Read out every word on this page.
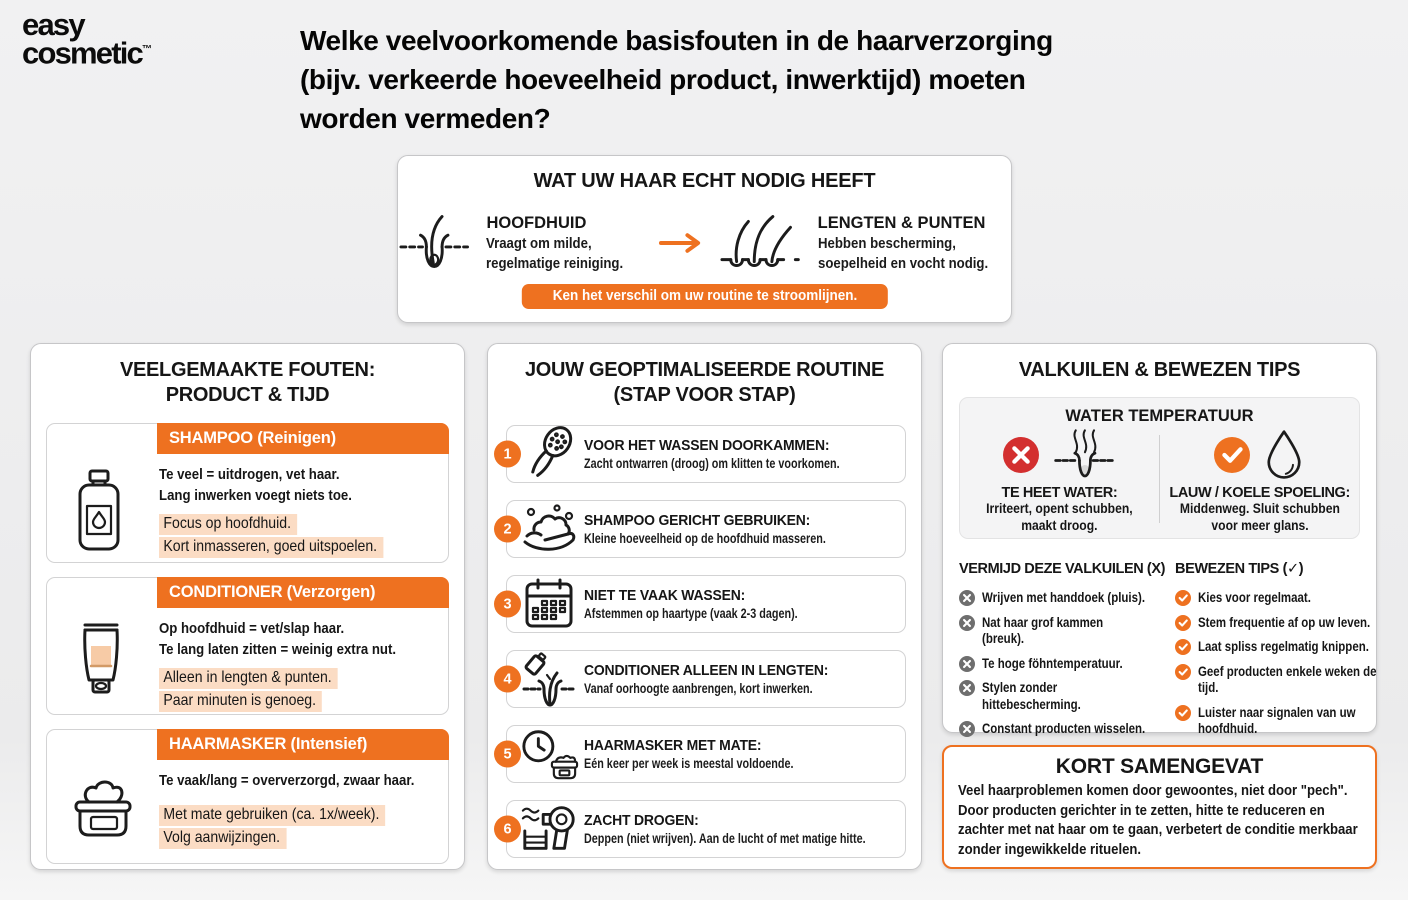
easy
cosmetic™	Welke veelvoorkomende basisfouten in de haarverzorging
(bijv. verkeerde hoeveelheid product, inwerktijd) moeten
worden vermeden?
WAT UW HAAR ECHT NODIG HEEFT
HOOFDHUID
Vraagt om milde,
regelmatige reiniging.
LENGTEN & PUNTEN
Hebben bescherming,
soepelheid en vocht nodig.
Ken het verschil om uw routine te stroomlijnen.
VEELGEMAAKTE FOUTEN:
PRODUCT & TIJD
SHAMPOO (Reinigen)
Te veel = uitdrogen, vet haar.
Lang inwerken voegt niets toe.
Focus op hoofdhuid.
Kort inmasseren, goed uitspoelen.
CONDITIONER (Verzorgen)
Op hoofdhuid = vet/slap haar.
Te lang laten zitten = weinig extra nut.
Alleen in lengten & punten.
Paar minuten is genoeg.
HAARMASKER (Intensief)
Te vaak/lang = oververzorgd, zwaar haar.
Met mate gebruiken (ca. 1x/week).
Volg aanwijzingen.
JOUW GEOPTIMALISEERDE ROUTINE
(STAP VOOR STAP)
1
VOOR HET WASSEN DOORKAMMEN:
Zacht ontwarren (droog) om klitten te voorkomen.
2
SHAMPOO GERICHT GEBRUIKEN:
Kleine hoeveelheid op de hoofdhuid masseren.
3
NIET TE VAAK WASSEN:
Afstemmen op haartype (vaak 2-3 dagen).
4
CONDITIONER ALLEEN IN LENGTEN:
Vanaf oorhoogte aanbrengen, kort inwerken.
5
HAARMASKER MET MATE:
Eén keer per week is meestal voldoende.
6
ZACHT DROGEN:
Deppen (niet wrijven). Aan de lucht of met matige hitte.
VALKUILEN & BEWEZEN TIPS
WATER TEMPERATUUR
TE HEET WATER:
Irriteert, opent schubben,
maakt droog.
LAUW / KOELE SPOELING:
Middenweg. Sluit schubben
voor meer glans.
VERMIJD DEZE VALKUILEN (X)
Wrijven met handdoek (pluis).
Nat haar grof kammen (breuk).
Te hoge föhntemperatuur.
Stylen zonder hittebescherming.
Constant producten wisselen.
BEWEZEN TIPS (✓)
Kies voor regelmaat.
Stem frequentie af op uw leven.
Laat spliss regelmatig knippen.
Geef producten enkele weken de tijd.
Luister naar signalen van uw hoofdhuid.
KORT SAMENGEVAT
Veel haarproblemen komen door gewoontes, niet door "pech". Door producten gerichter in te zetten, hitte te reduceren en zachter met nat haar om te gaan, verbetert de conditie merkbaar zonder ingewikkelde rituelen.
